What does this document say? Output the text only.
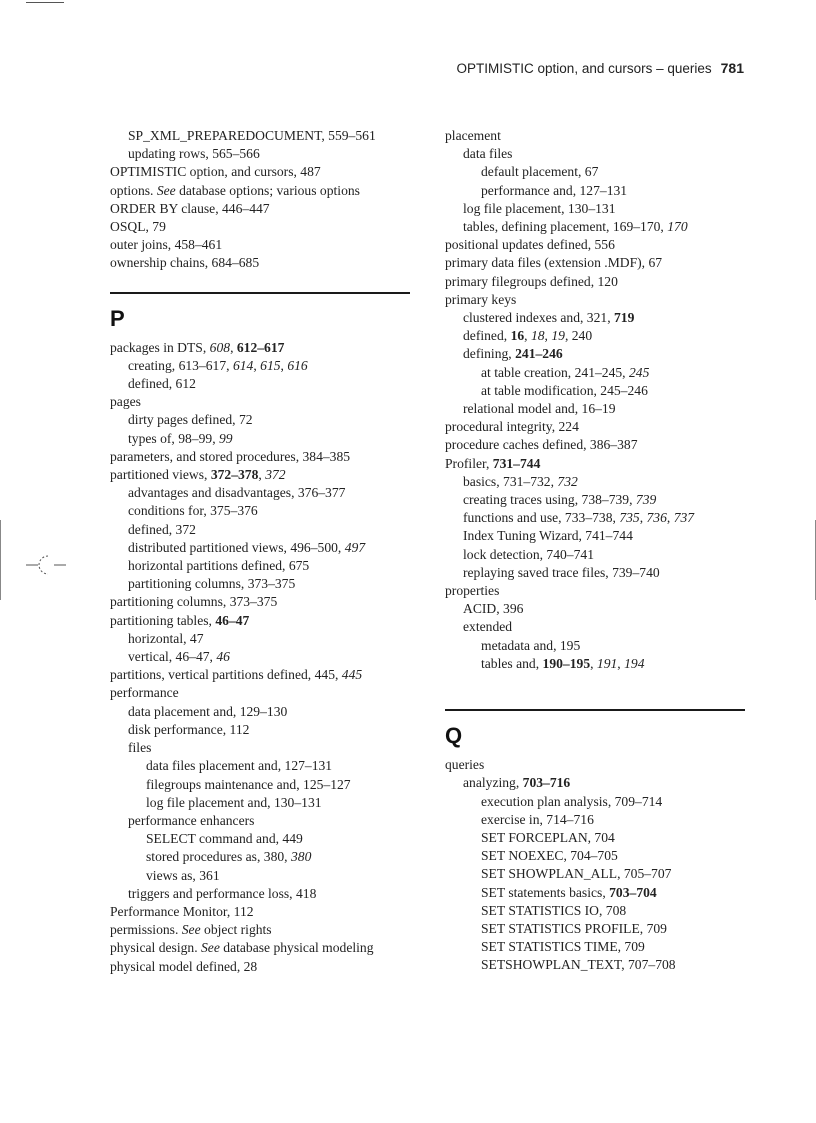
OPTIMISTIC option, and cursors – queries 781
SP_XML_PREPAREDOCUMENT, 559–561
updating rows, 565–566
OPTIMISTIC option, and cursors, 487
options. See database options; various options
ORDER BY clause, 446–447
OSQL, 79
outer joins, 458–461
ownership chains, 684–685
P
packages in DTS, 608, 612–617
creating, 613–617, 614, 615, 616
defined, 612
pages
dirty pages defined, 72
types of, 98–99, 99
parameters, and stored procedures, 384–385
partitioned views, 372–378, 372
advantages and disadvantages, 376–377
conditions for, 375–376
defined, 372
distributed partitioned views, 496–500, 497
horizontal partitions defined, 675
partitioning columns, 373–375
partitioning columns, 373–375
partitioning tables, 46–47
horizontal, 47
vertical, 46–47, 46
partitions, vertical partitions defined, 445, 445
performance
data placement and, 129–130
disk performance, 112
files
data files placement and, 127–131
filegroups maintenance and, 125–127
log file placement and, 130–131
performance enhancers
SELECT command and, 449
stored procedures as, 380, 380
views as, 361
triggers and performance loss, 418
Performance Monitor, 112
permissions. See object rights
physical design. See database physical modeling
physical model defined, 28
placement
data files
default placement, 67
performance and, 127–131
log file placement, 130–131
tables, defining placement, 169–170, 170
positional updates defined, 556
primary data files (extension .MDF), 67
primary filegroups defined, 120
primary keys
clustered indexes and, 321, 719
defined, 16, 18, 19, 240
defining, 241–246
at table creation, 241–245, 245
at table modification, 245–246
relational model and, 16–19
procedural integrity, 224
procedure caches defined, 386–387
Profiler, 731–744
basics, 731–732, 732
creating traces using, 738–739, 739
functions and use, 733–738, 735, 736, 737
Index Tuning Wizard, 741–744
lock detection, 740–741
replaying saved trace files, 739–740
properties
ACID, 396
extended
metadata and, 195
tables and, 190–195, 191, 194
Q
queries
analyzing, 703–716
execution plan analysis, 709–714
exercise in, 714–716
SET FORCEPLAN, 704
SET NOEXEC, 704–705
SET SHOWPLAN_ALL, 705–707
SET statements basics, 703–704
SET STATISTICS IO, 708
SET STATISTICS PROFILE, 709
SET STATISTICS TIME, 709
SETSHOWPLAN_TEXT, 707–708
